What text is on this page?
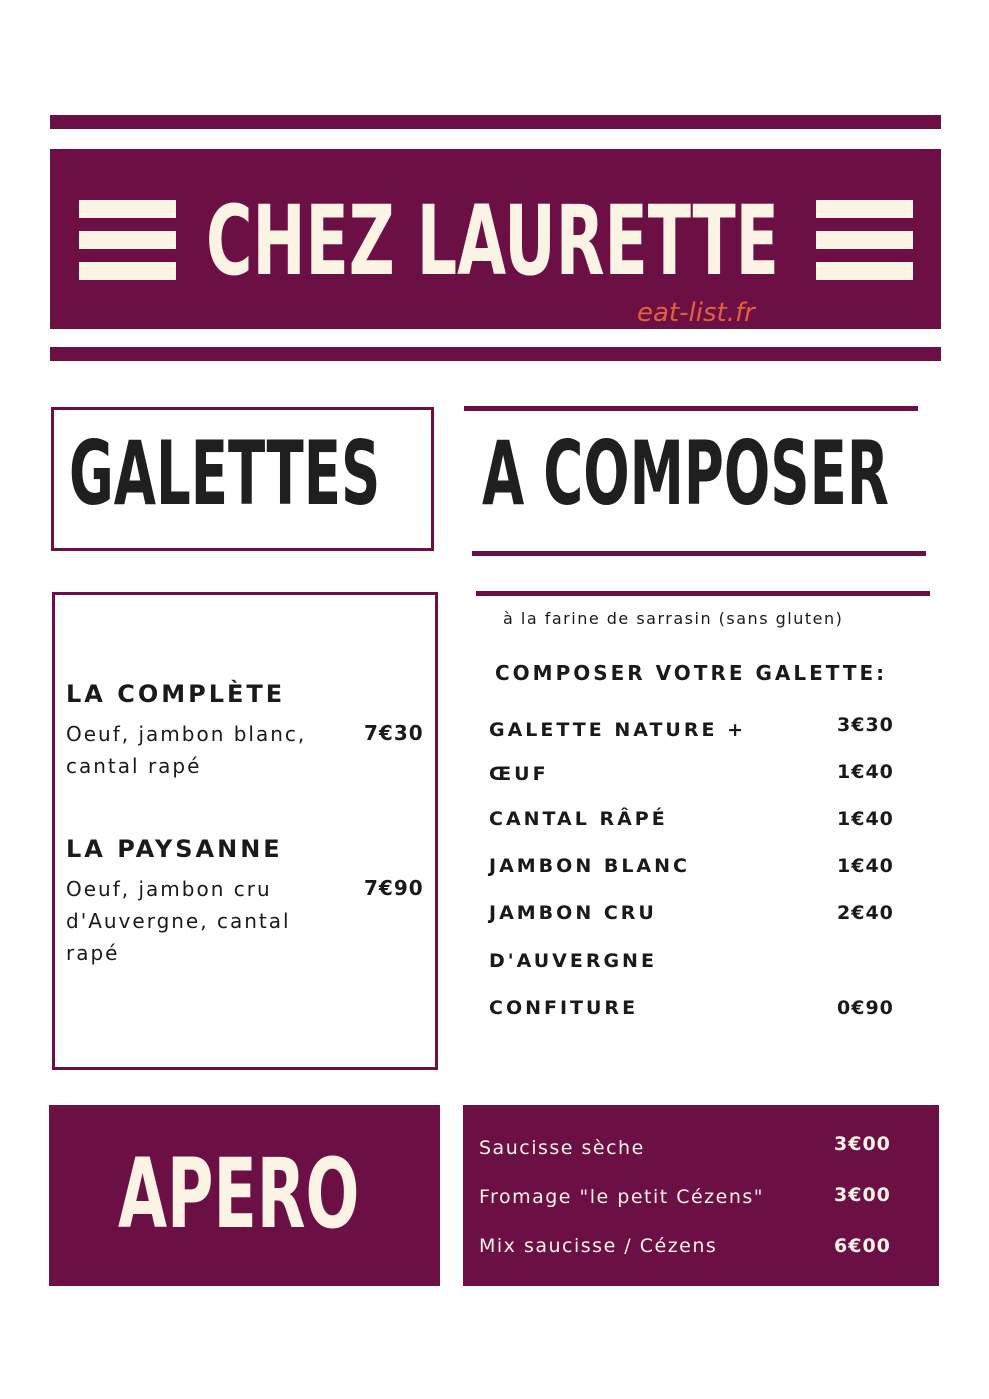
CHEZ LAURETTE
eat-list.fr
GALETTES	A COMPOSER
LA COMPLÈTE
Oeuf, jambon blanc,
cantal rapé
7€30
LA PAYSANNE
Oeuf, jambon cru
d'Auvergne, cantal
rapé
7€90
à la farine de sarrasin (sans gluten)
COMPOSER VOTRE GALETTE:
GALETTE NATURE +	3€30
ŒUF	1€40
CANTAL RÂPÉ	1€40
JAMBON BLANC	1€40
JAMBON CRU	2€40
D'AUVERGNE
CONFITURE	0€90
APERO	Saucisse sèche	3€00
Fromage "le petit Cézens"	3€00
Mix saucisse / Cézens	6€00
